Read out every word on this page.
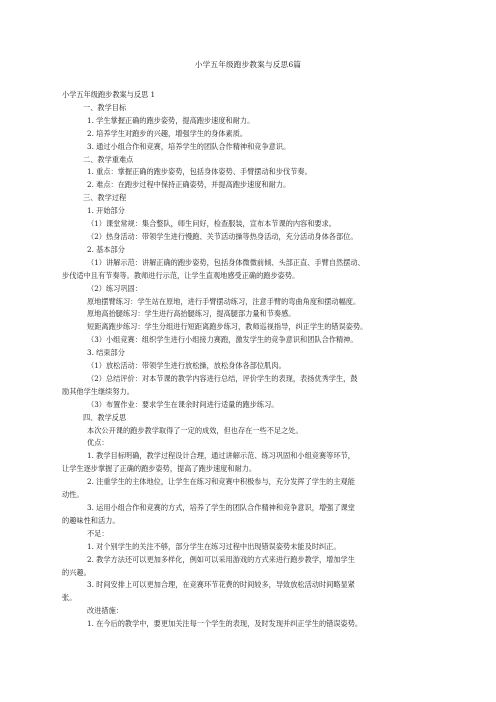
小学五年级跑步教案与反思6篇
小学五年级跑步教案与反思 1
一、教学目标
1. 学生掌握正确的跑步姿势，提高跑步速度和耐力。
2. 培养学生对跑步的兴趣，增强学生的身体素质。
3. 通过小组合作和竞赛，培养学生的团队合作精神和竞争意识。
二、教学重难点
1. 重点：掌握正确的跑步姿势，包括身体姿势、手臂摆动和步伐节奏。
2. 难点：在跑步过程中保持正确姿势，并提高跑步速度和耐力。
三、教学过程
1. 开始部分
（1）课堂常规：集合整队，师生问好，检查服装，宣布本节课的内容和要求。
（2）热身活动：带领学生进行慢跑、关节活动操等热身活动，充分活动身体各部位。
2. 基本部分
（1）讲解示范：讲解正确的跑步姿势，包括身体微微前倾、头部正直、手臂自然摆动、
步伐适中且有节奏等。教师进行示范，让学生直观地感受正确的跑步姿势。
（2）练习巩固：
原地摆臂练习：学生站在原地，进行手臂摆动练习，注意手臂的弯曲角度和摆动幅度。
原地高抬腿练习：学生进行高抬腿练习，提高腿部力量和节奏感。
短距离跑步练习：学生分组进行短距离跑步练习，教师巡视指导，纠正学生的错误姿势。
（3）小组竞赛：组织学生进行小组接力赛跑，激发学生的竞争意识和团队合作精神。
3. 结束部分
（1）放松活动：带领学生进行放松操，放松身体各部位肌肉。
（2）总结评价：对本节课的教学内容进行总结，评价学生的表现，表扬优秀学生，鼓
励其他学生继续努力。
（3）布置作业：要求学生在课余时间进行适量的跑步练习。
四、教学反思
本次公开课的跑步教学取得了一定的成效，但也存在一些不足之处。
优点：
1. 教学目标明确，教学过程设计合理，通过讲解示范、练习巩固和小组竞赛等环节，
让学生逐步掌握了正确的跑步姿势，提高了跑步速度和耐力。
2. 注重学生的主体地位，让学生在练习和竞赛中积极参与，充分发挥了学生的主观能
动性。
3. 运用小组合作和竞赛的方式，培养了学生的团队合作精神和竞争意识，增强了课堂
的趣味性和活力。
不足：
1. 对个别学生的关注不够，部分学生在练习过程中出现错误姿势未能及时纠正。
2. 教学方法还可以更加多样化，例如可以采用游戏的方式来进行跑步教学，增加学生
的兴趣。
3. 时间安排上可以更加合理，在竞赛环节花费的时间较多，导致放松活动时间略显紧
张。
改进措施：
1. 在今后的教学中，要更加关注每一个学生的表现，及时发现并纠正学生的错误姿势。
